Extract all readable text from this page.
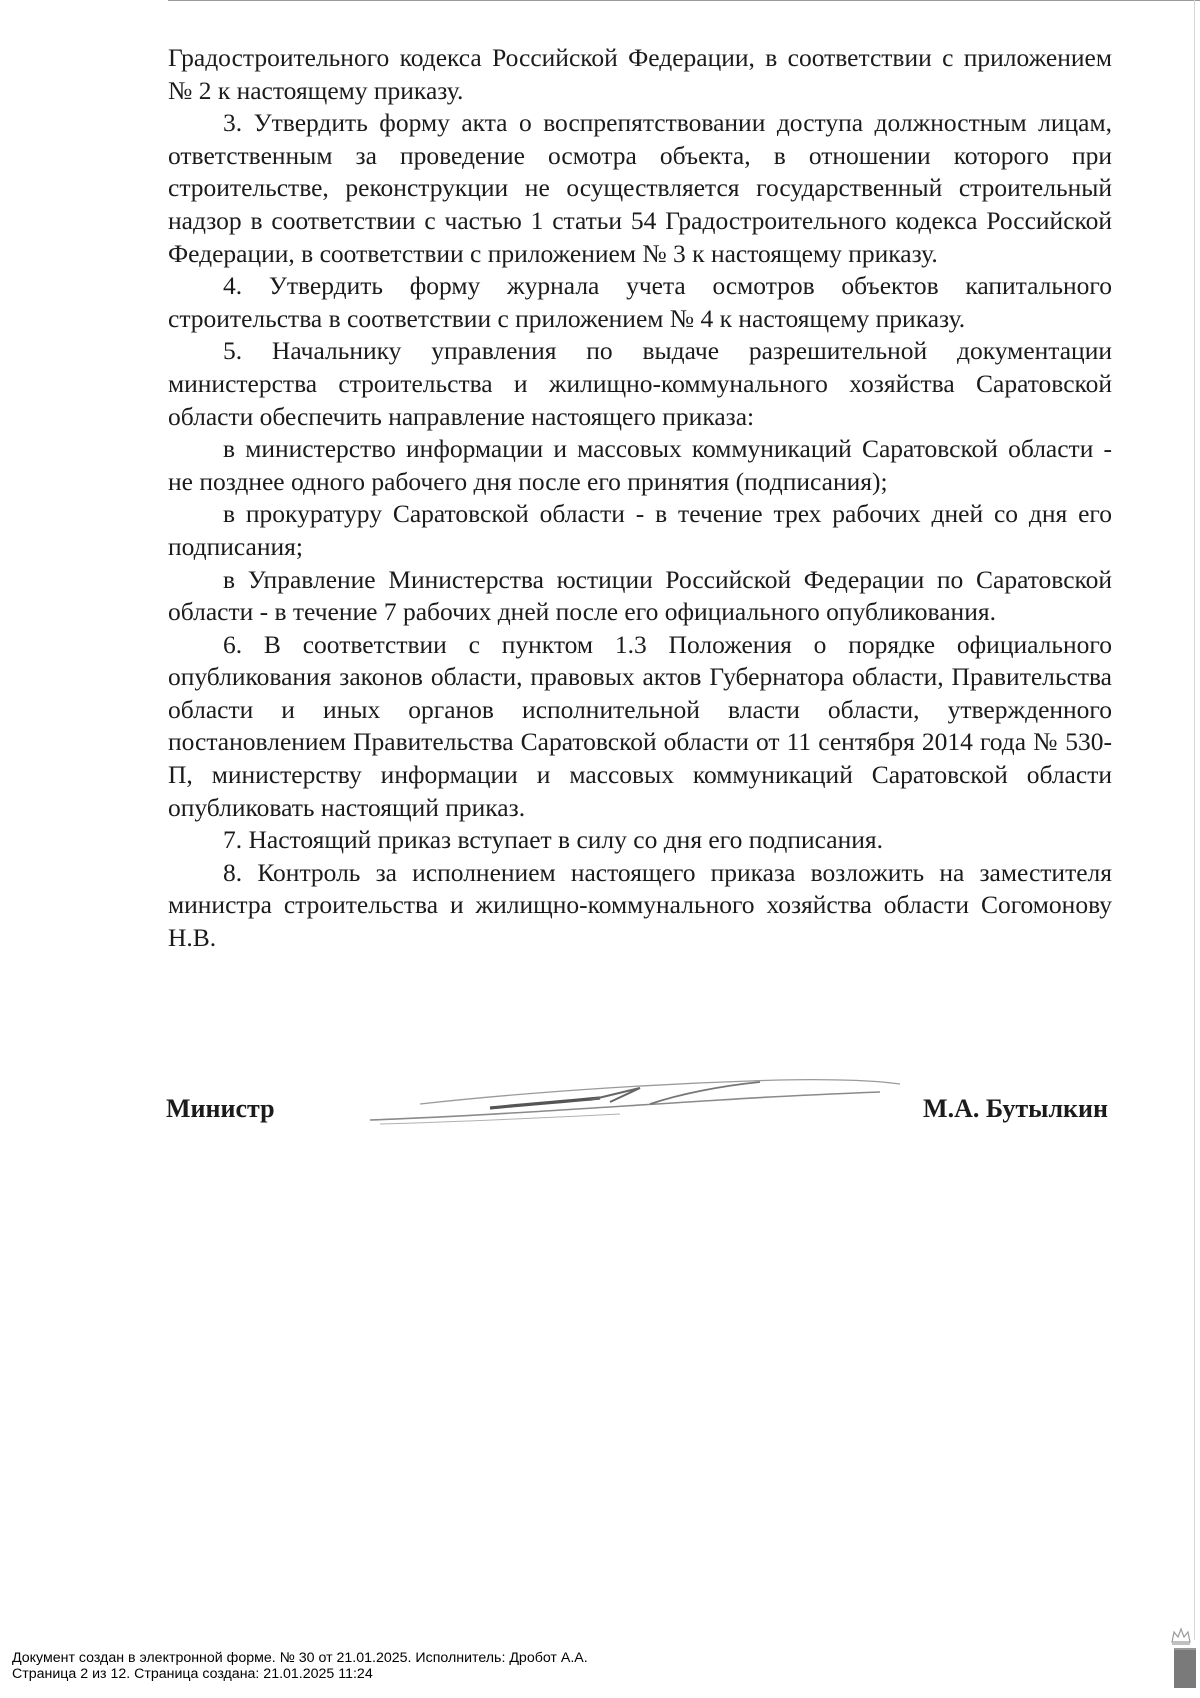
Градостроительного кодекса Российской Федерации, в соответствии с приложением № 2 к настоящему приказу.

3. Утвердить форму акта о воспрепятствовании доступа должностным лицам, ответственным за проведение осмотра объекта, в отношении которого при строительстве, реконструкции не осуществляется государственный строительный надзор в соответствии с частью 1 статьи 54 Градостроительного кодекса Российской Федерации, в соответствии с приложением № 3 к настоящему приказу.

4. Утвердить форму журнала учета осмотров объектов капитального строительства в соответствии с приложением № 4 к настоящему приказу.

5. Начальнику управления по выдаче разрешительной документации министерства строительства и жилищно-коммунального хозяйства Саратовской области обеспечить направление настоящего приказа:

в министерство информации и массовых коммуникаций Саратовской области - не позднее одного рабочего дня после его принятия (подписания);

в прокуратуру Саратовской области - в течение трех рабочих дней со дня его подписания;

в Управление Министерства юстиции Российской Федерации по Саратовской области - в течение 7 рабочих дней после его официального опубликования.

6. В соответствии с пунктом 1.3 Положения о порядке официального опубликования законов области, правовых актов Губернатора области, Правительства области и иных органов исполнительной власти области, утвержденного постановлением Правительства Саратовской области от 11 сентября 2014 года № 530-П, министерству информации и массовых коммуникаций Саратовской области опубликовать настоящий приказ.

7. Настоящий приказ вступает в силу со дня его подписания.

8. Контроль за исполнением настоящего приказа возложить на заместителя министра строительства и жилищно-коммунального хозяйства области Согомонову Н.В.

Министр	М.А. Бутылкин
Документ создан в электронной форме. № 30 от 21.01.2025. Исполнитель: Дробот А.А.
Страница 2 из 12. Страница создана: 21.01.2025 11:24
